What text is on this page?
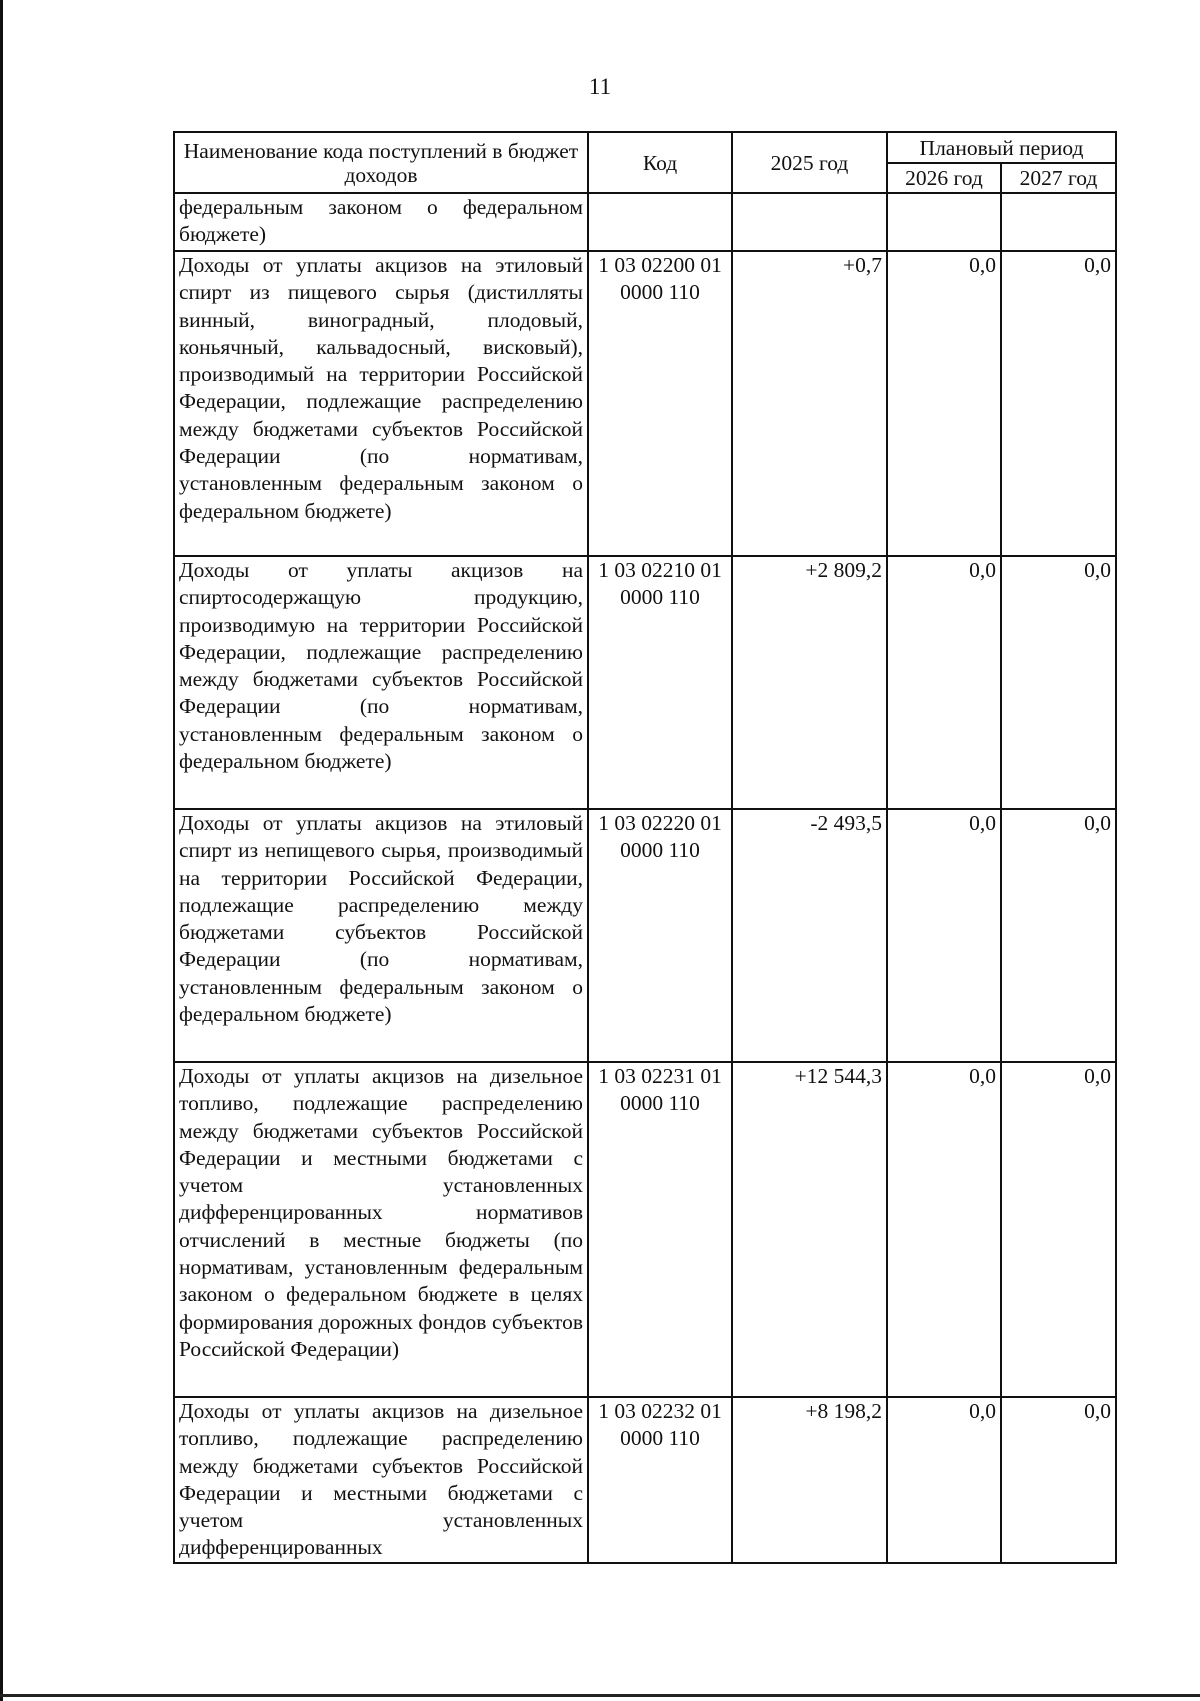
11
Наименование кода поступлений в бюджет доходов	Код	2025 год	Плановый период	
			2026 год	2027 год
федеральным законом о федеральном бюджете)				
Доходы от уплаты акцизов на этиловый спирт из пищевого сырья (дистилляты винный, виноградный, плодовый, коньячный, кальвадосный, висковый), производимый на территории Российской Федерации, подлежащие распределению между бюджетами субъектов Российской Федерации (по нормативам, установленным федеральным законом о федеральном бюджете)	1 03 02200 01 0000 110	+0,7	0,0	0,0
Доходы от уплаты акцизов на спиртосодержащую продукцию, производимую на территории Российской Федерации, подлежащие распределению между бюджетами субъектов Российской Федерации (по нормативам, установленным федеральным законом о федеральном бюджете)	1 03 02210 01 0000 110	+2 809,2	0,0	0,0
Доходы от уплаты акцизов на этиловый спирт из непищевого сырья, производимый на территории Российской Федерации, подлежащие распределению между бюджетами субъектов Российской Федерации (по нормативам, установленным федеральным законом о федеральном бюджете)	1 03 02220 01 0000 110	-2 493,5	0,0	0,0
Доходы от уплаты акцизов на дизельное топливо, подлежащие распределению между бюджетами субъектов Российской Федерации и местными бюджетами с учетом установленных дифференцированных нормативов отчислений в местные бюджеты (по нормативам, установленным федеральным законом о федеральном бюджете в целях формирования дорожных фондов субъектов Российской Федерации)	1 03 02231 01 0000 110	+12 544,3	0,0	0,0
Доходы от уплаты акцизов на дизельное топливо, подлежащие распределению между бюджетами субъектов Российской Федерации и местными бюджетами с учетом установленных дифференцированных	1 03 02232 01 0000 110	+8 198,2	0,0	0,0
